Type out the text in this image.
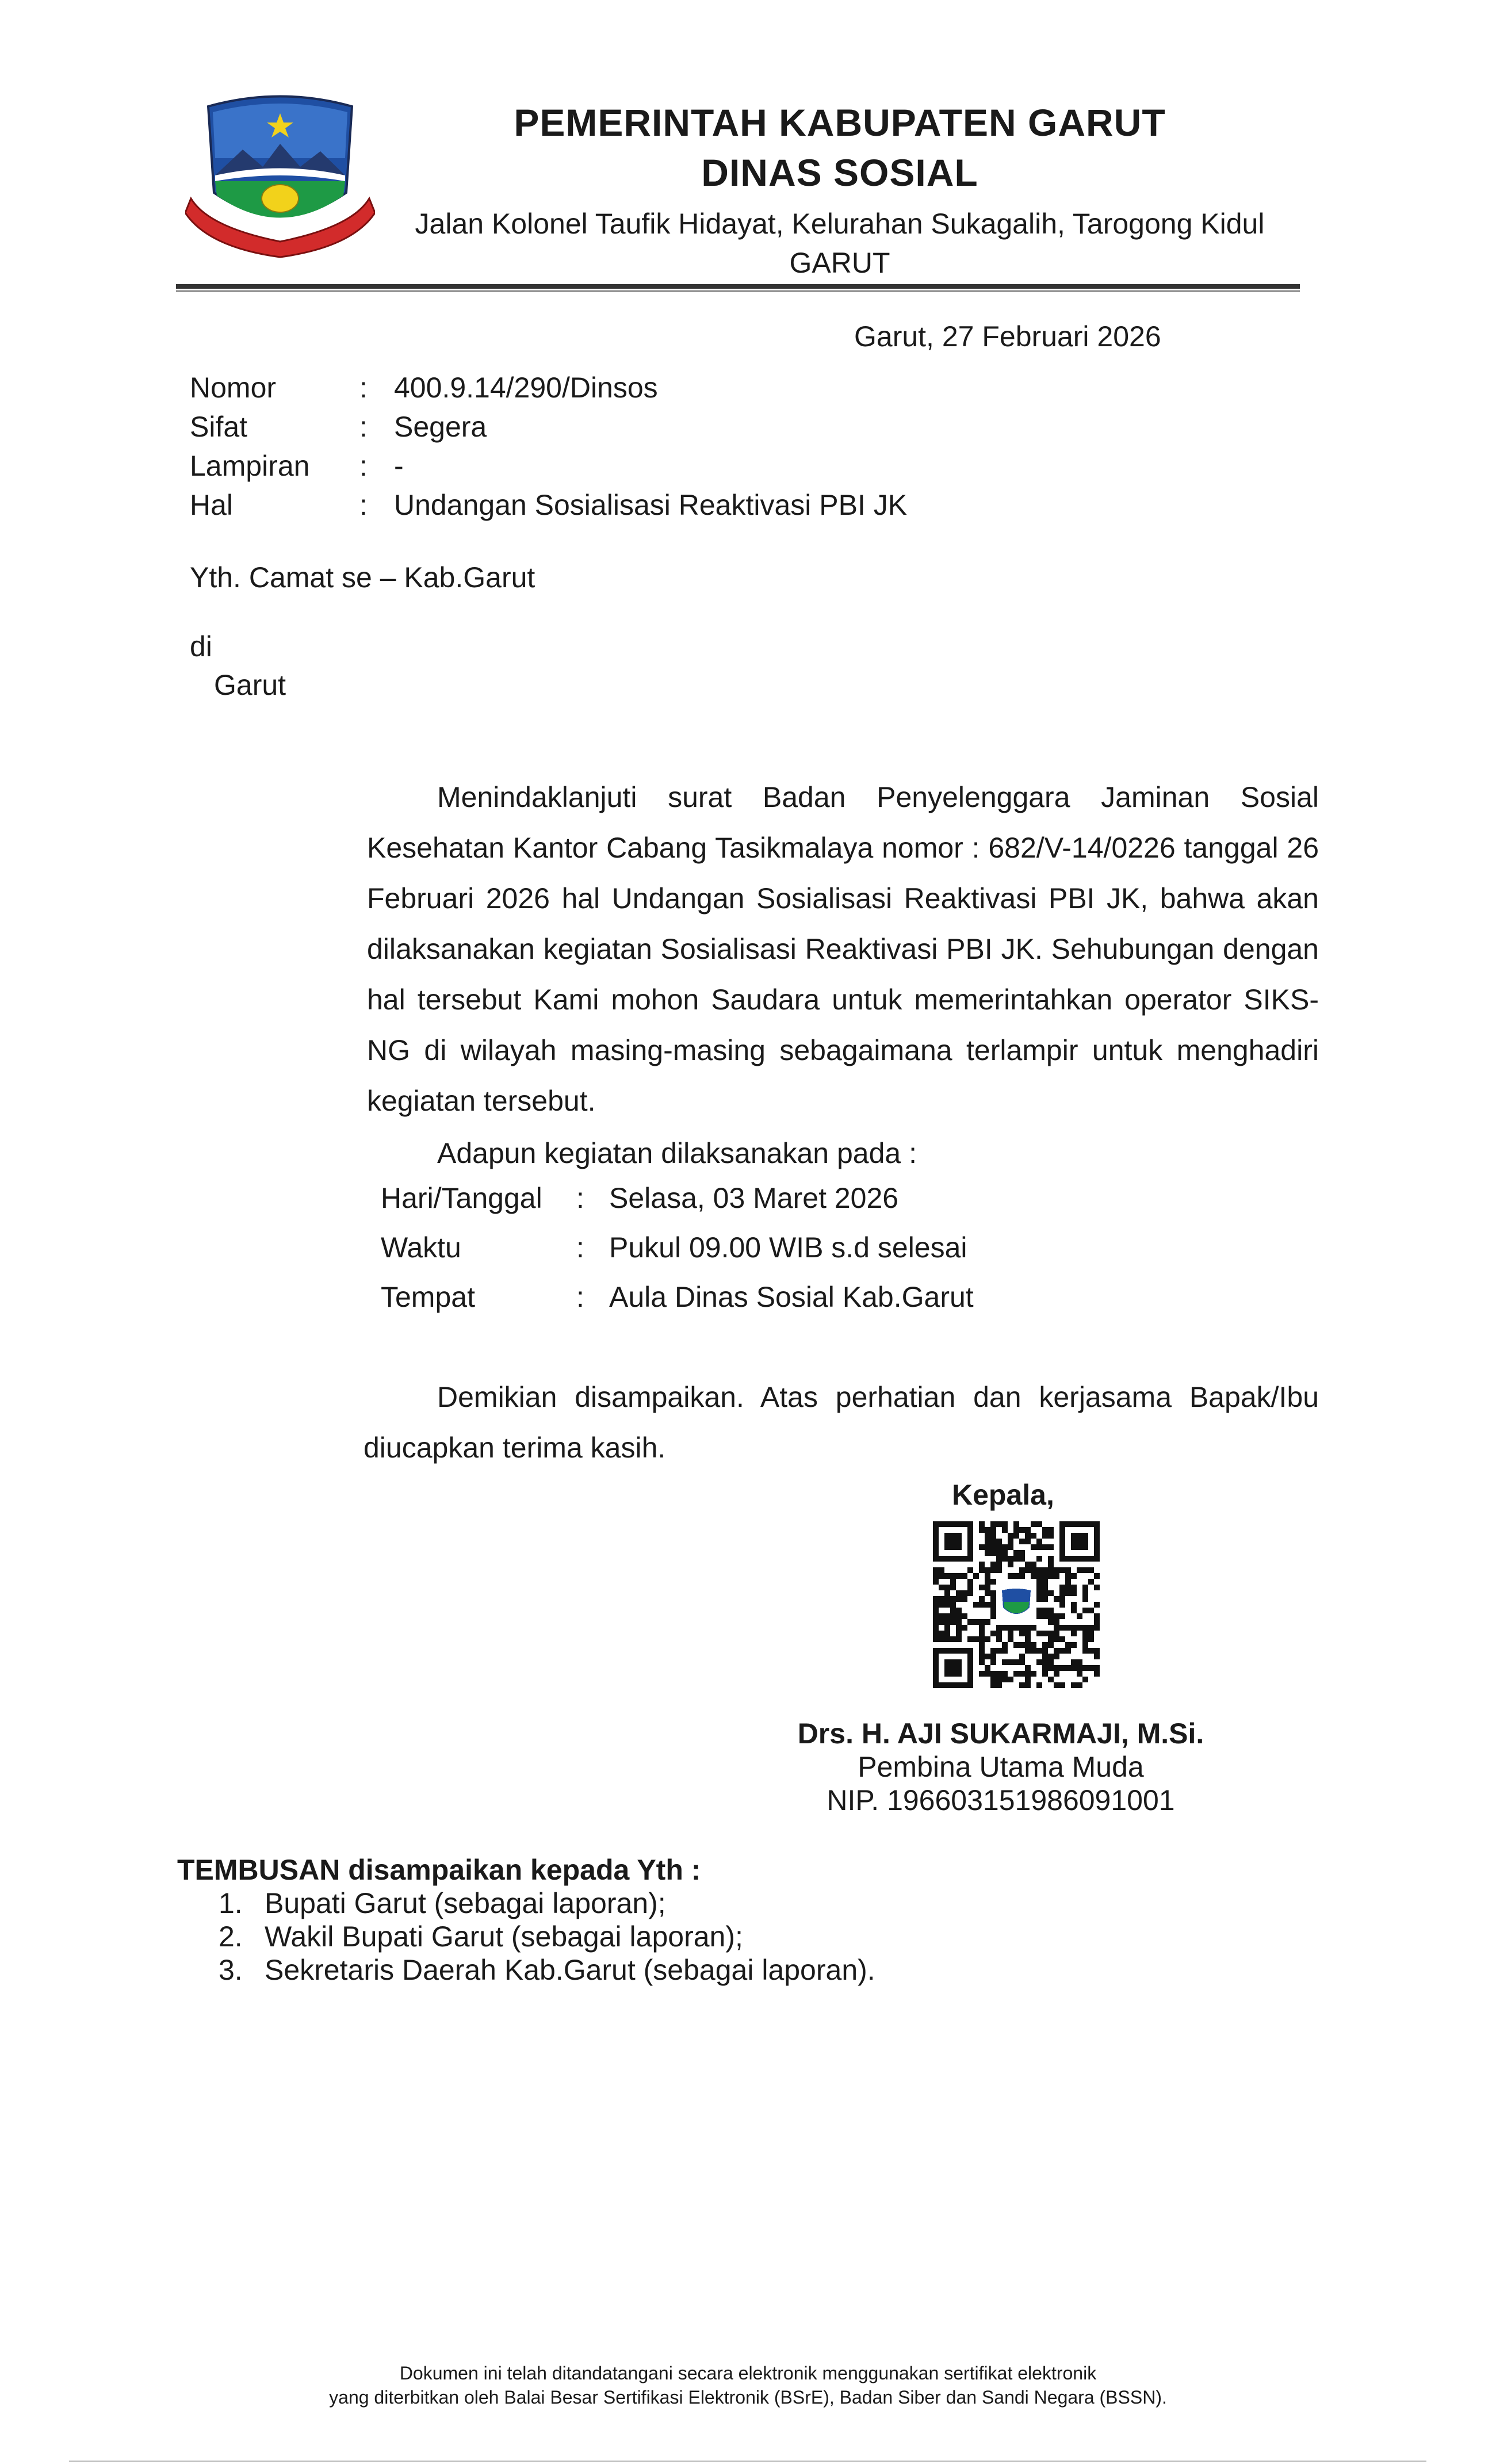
PEMERINTAH KABUPATEN GARUT
DINAS SOSIAL
Jalan Kolonel Taufik Hidayat, Kelurahan Sukagalih, Tarogong Kidul
GARUT
Garut, 27 Februari 2026
Nomor	: 400.9.14/290/Dinsos
Sifat	: Segera
Lampiran	: -
Hal	: Undangan Sosialisasi Reaktivasi PBI JK
Yth. Camat se – Kab.Garut
di
Garut
Menindaklanjuti surat Badan Penyelenggara Jaminan Sosial Kesehatan Kantor Cabang Tasikmalaya nomor : 682/V-14/0226 tanggal 26 Februari 2026 hal Undangan Sosialisasi Reaktivasi PBI JK, bahwa akan dilaksanakan kegiatan Sosialisasi Reaktivasi PBI JK. Sehubungan dengan hal tersebut Kami mohon Saudara untuk memerintahkan operator SIKS-NG di wilayah masing-masing sebagaimana terlampir untuk menghadiri kegiatan tersebut.
Adapun kegiatan dilaksanakan pada :
Hari/Tanggal	: Selasa, 03 Maret 2026
Waktu	: Pukul 09.00 WIB s.d selesai
Tempat	: Aula Dinas Sosial Kab.Garut
Demikian disampaikan. Atas perhatian dan kerjasama Bapak/Ibu diucapkan terima kasih.
Kepala,
Drs. H. AJI SUKARMAJI, M.Si.
Pembina Utama Muda
NIP. 196603151986091001
TEMBUSAN disampaikan kepada Yth :
1. Bupati Garut (sebagai laporan);
2. Wakil Bupati Garut (sebagai laporan);
3. Sekretaris Daerah Kab.Garut (sebagai laporan).
Dokumen ini telah ditandatangani secara elektronik menggunakan sertifikat elektronik
yang diterbitkan oleh Balai Besar Sertifikasi Elektronik (BSrE), Badan Siber dan Sandi Negara (BSSN).
